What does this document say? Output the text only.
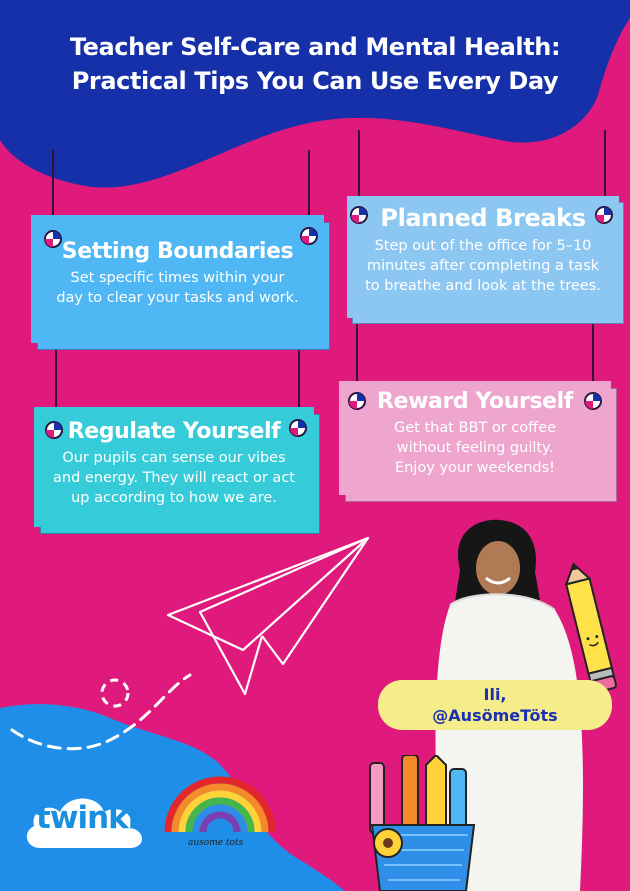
Teacher Self-Care and Mental Health:
Practical Tips You Can Use Every Day
Setting Boundaries

Set specific times within your
day to clear your tasks and work.

Planned Breaks

Step out of the office for 5–10
minutes after completing a task
to breathe and look at the trees.

Regulate Yourself

Our pupils can sense our vibes
and energy. They will react or act
up according to how we are.

Reward Yourself

Get that BBT or coffee
without feeling guilty.
Enjoy your weekends!

Ili,
@AusömeTöts
twinkl
ausome tots
